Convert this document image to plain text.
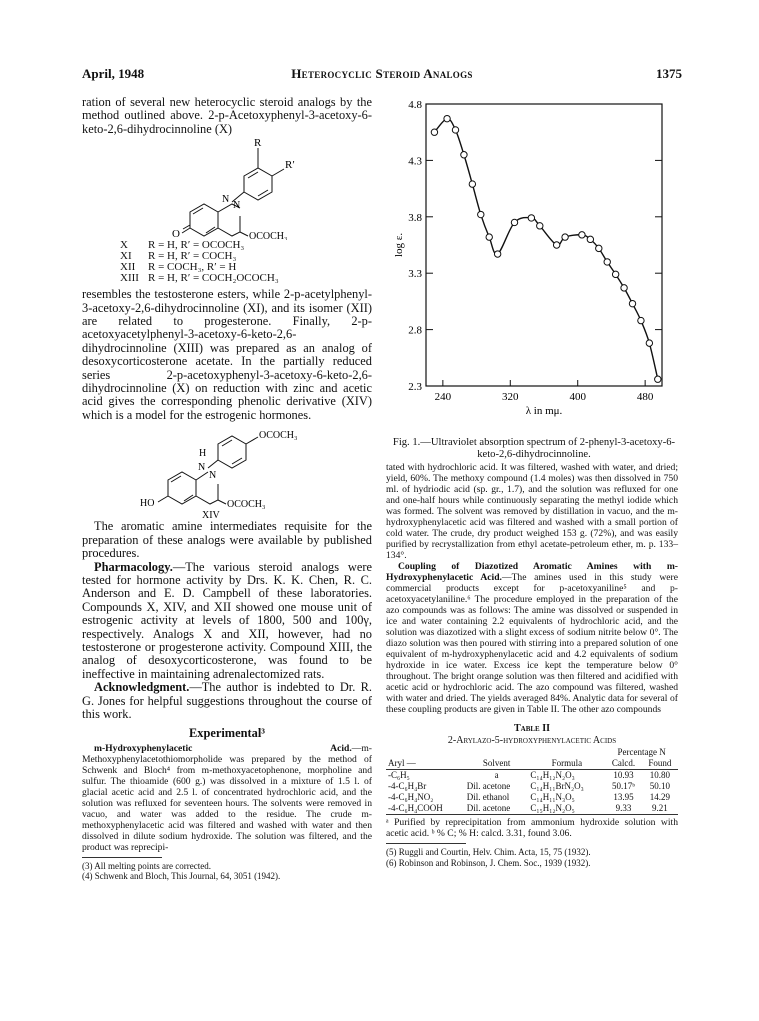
April, 1948	Heterocyclic Steroid Analogs	1375

ration of several new heterocyclic steroid analogs by the method outlined above. 2-p-Acetoxyphenyl-3-acetoxy-6-keto-2,6-dihydrocinnoline (X)

R
R′
N
N
O	OCOCH₃
X	R = H, R′ = OCOCH₃
XI	R = H, R′ = COCH₃
XII	R = COCH₃, R′ = H
XIII R = H, R′ = COCH₂OCOCH₃

resembles the testosterone esters, while 2-p-acetylphenyl-3-acetoxy-2,6-dihydrocinnoline (XI), and its isomer (XII) are related to progesterone. Finally, 2-p-acetoxyacetylphenyl-3-acetoxy-6-keto-2,6-dihydrocinnoline (XIII) was prepared as an analog of desoxycorticosterone acetate. In the partially reduced series 2-p-acetoxyphenyl-3-acetoxy-6-keto-2,6-dihydrocinnoline (X) on reduction with zinc and acetic acid gives the corresponding phenolic derivative (XIV) which is a model for the estrogenic hormones.

OCOCH₃
H
N
N
HO	OCOCH₃
XIV

The aromatic amine intermediates requisite for the preparation of these analogs were available by published procedures.

Pharmacology.—The various steroid analogs were tested for hormone activity by Drs. K. K. Chen, R. C. Anderson and E. D. Campbell of these laboratories. Compounds X, XIV, and XII showed one mouse unit of estrogenic activity at levels of 1800, 500 and 100γ, respectively. Analogs X and XII, however, had no testosterone or progesterone activity. Compound XIII, the analog of desoxycorticosterone, was found to be ineffective in maintaining adrenalectomized rats.

Acknowledgment.—The author is indebted to Dr. R. G. Jones for helpful suggestions throughout the course of this work.

Experimental³

m-Hydroxyphenylacetic Acid.—m-Methoxyphenylacetothiomorpholide was prepared by the method of Schwenk and Bloch⁴ from m-methoxyacetophenone, morpholine and sulfur. The thioamide (600 g.) was dissolved in a mixture of 1.5 l. of glacial acetic acid and 2.5 l. of concentrated hydrochloric acid, and the solution was refluxed for seventeen hours. The solvents were removed in vacuo, and water was added to the residue. The crude m-methoxyphenylacetic acid was filtered and washed with water and then dissolved in dilute sodium hydroxide. The solution was filtered, and the product was reprecipi-

(3) All melting points are corrected.
(4) Schwenk and Bloch, This Journal, 64, 3051 (1942).
2.3
2.8
3.3
3.8
4.3
4.8
240	320	400	480
λ in mμ.
log ε.
Fig. 1.—Ultraviolet absorption spectrum of 2-phenyl-3-acetoxy-6-keto-2,6-dihydrocinnoline.

tated with hydrochloric acid. It was filtered, washed with water, and dried; yield, 60%. The methoxy compound (1.4 moles) was then dissolved in 750 ml. of hydriodic acid (sp. gr., 1.7), and the solution was refluxed for one and one-half hours while continuously separating the methyl iodide which was formed. The solvent was removed by distillation in vacuo, and the m-hydroxyphenylacetic acid was filtered and washed with a small portion of cold water. The crude, dry product weighed 153 g. (72%), and was easily purified by recrystallization from ethyl acetate-petroleum ether, m. p. 133–134°.

Coupling of Diazotized Aromatic Amines with m-Hydroxyphenylacetic Acid.—The amines used in this study were commercial products except for p-acetoxyaniline⁵ and p-acetoxyacetylaniline.⁶ The procedure employed in the preparation of the azo compounds was as follows: The amine was dissolved or suspended in ice and water containing 2.2 equivalents of hydrochloric acid, and the solution was diazotized with a slight excess of sodium nitrite below 0°. The diazo solution was then poured with stirring into a prepared solution of one equivalent of m-hydroxyphenylacetic acid and 4.2 equivalents of sodium hydroxide in ice water. Excess ice kept the temperature below 0° throughout. The bright orange solution was then filtered and acidified with acetic acid or hydrochloric acid. The azo compound was filtered, washed with water and dried. The yields averaged 84%. Analytic data for several of these coupling products are given in Table II. The other azo compounds

Table II
2-Arylazo-5-hydroxyphenylacetic Acids
			Percentage N	
Aryl —	Solvent	Formula	Calcd.	Found
-C₆H₅	a	C₁₄H₁₂N₂O₃	10.93	10.80
-4-C₆H₄Br	Dil. acetone	C₁₄H₁₁BrN₂O₃	50.17ᵇ	50.10
-4-C₆H₄NO₂	Dil. ethanol	C₁₄H₁₁N₃O₅	13.95	14.29
-4-C₆H₄COOH	Dil. acetone	C₁₅H₁₂N₂O₅	9.33	9.21

ᵃ Purified by reprecipitation from ammonium hydroxide solution with acetic acid. ᵇ % C; % H: calcd. 3.31, found 3.06.

(5) Ruggli and Courtin, Helv. Chim. Acta, 15, 75 (1932).
(6) Robinson and Robinson, J. Chem. Soc., 1939 (1932).
